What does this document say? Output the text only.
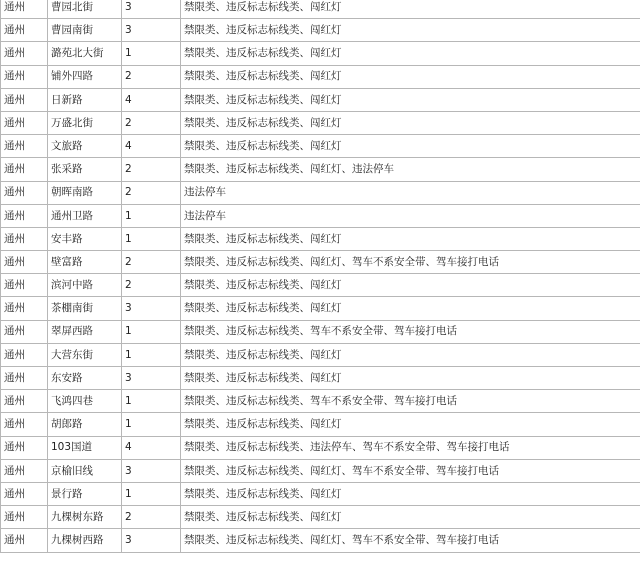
通州	曹园北街	3	禁限类、违反标志标线类、闯红灯
通州	曹园南街	3	禁限类、违反标志标线类、闯红灯
通州	潞苑北大街	1	禁限类、违反标志标线类、闯红灯
通州	铺外四路	2	禁限类、违反标志标线类、闯红灯
通州	日新路	4	禁限类、违反标志标线类、闯红灯
通州	万盛北街	2	禁限类、违反标志标线类、闯红灯
通州	文旅路	4	禁限类、违反标志标线类、闯红灯
通州	张采路	2	禁限类、违反标志标线类、闯红灯、违法停车
通州	朝晖南路	2	违法停车
通州	通州卫路	1	违法停车
通州	安丰路	1	禁限类、违反标志标线类、闯红灯
通州	壁富路	2	禁限类、违反标志标线类、闯红灯、驾车不系安全带、驾车接打电话
通州	滨河中路	2	禁限类、违反标志标线类、闯红灯
通州	茶棚南街	3	禁限类、违反标志标线类、闯红灯
通州	翠屏西路	1	禁限类、违反标志标线类、驾车不系安全带、驾车接打电话
通州	大营东街	1	禁限类、违反标志标线类、闯红灯
通州	东安路	3	禁限类、违反标志标线类、闯红灯
通州	飞鸿四巷	1	禁限类、违反标志标线类、驾车不系安全带、驾车接打电话
通州	胡郎路	1	禁限类、违反标志标线类、闯红灯
通州	103国道	4	禁限类、违反标志标线类、违法停车、驾车不系安全带、驾车接打电话
通州	京榆旧线	3	禁限类、违反标志标线类、闯红灯、驾车不系安全带、驾车接打电话
通州	景行路	1	禁限类、违反标志标线类、闯红灯
通州	九棵树东路	2	禁限类、违反标志标线类、闯红灯
通州	九棵树西路	3	禁限类、违反标志标线类、闯红灯、驾车不系安全带、驾车接打电话
